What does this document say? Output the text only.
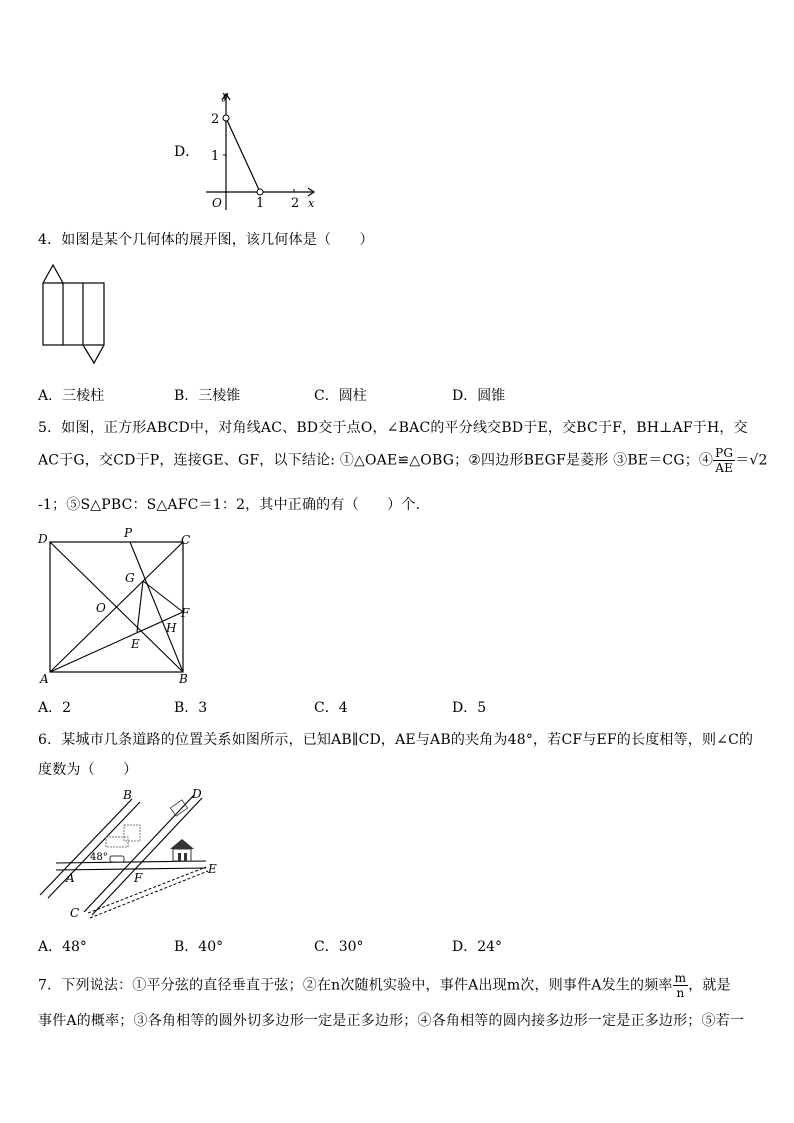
D．
y
x
O
2
1
1 2
4．如图是某个几何体的展开图，该几何体是（　　）
A．三棱柱	B．三棱锥	C．圆柱	D．圆锥
5．如图，正方形ABCD中，对角线AC、BD交于点O，∠BAC的平分线交BD于E，交BC于F，BH⊥AF于H，交
AC于G，交CD于P，连接GE、GF，以下结论: ①△OAE≌△OBG；②四边形BEGF是菱形 ③BE＝CG；④ $\frac{PG}{AE} =√2$
-1；⑤S△PBC：S△AFC＝1：2，其中正确的有（　　）个．
D	C
A	B
P
O
G
F
H
E
A．2	B．3	C．4	D．5
6．某城市几条道路的位置关系如图所示，已知AB∥CD，AE与AB的夹角为48°，若CF与EF的长度相等，则∠C的
度数为（　　）
B	D
A	F
E
C
48°
A．48°	B．40°	C．30°	D．24°
7．下列说法：①平分弦的直径垂直于弦；②在n次随机实验中，事件A出现m次，则事件A发生的频率 $\frac{m}{n}$ ，就是
事件A的概率；③各角相等的圆外切多边形一定是正多边形；④各角相等的圆内接多边形一定是正多边形；⑤若一
